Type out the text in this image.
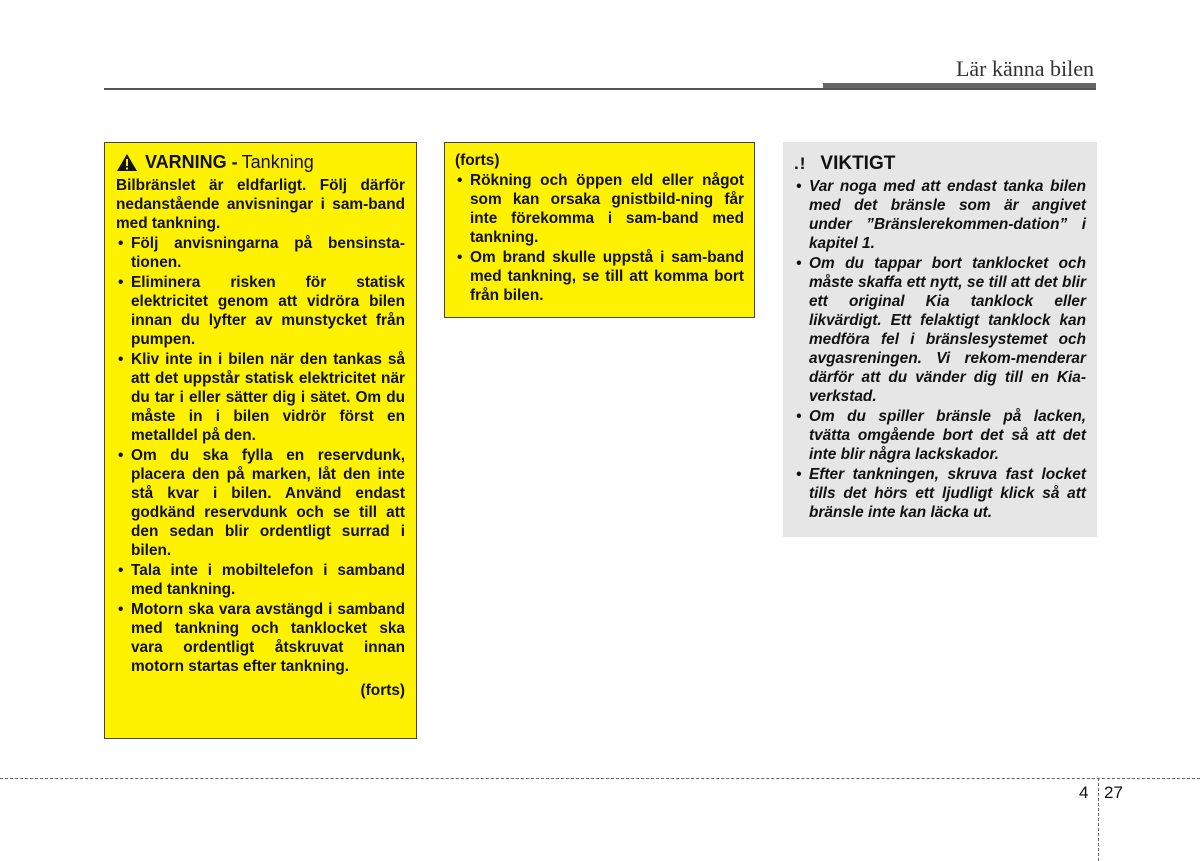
Lär känna bilen
VARNING - Tankning
Bilbränslet är eldfarligt. Följ därför nedanstående anvisningar i sam-band med tankning.
• Följ anvisningarna på bensinsta-tionen.
• Eliminera risken för statisk elektricitet genom att vidröra bilen innan du lyfter av munstycket från pumpen.
• Kliv inte in i bilen när den tankas så att det uppstår statisk elektricitet när du tar i eller sätter dig i sätet. Om du måste in i bilen vidrör först en metalldel på den.
• Om du ska fylla en reservdunk, placera den på marken, låt den inte stå kvar i bilen. Använd endast godkänd reservdunk och se till att den sedan blir ordentligt surrad i bilen.
• Tala inte i mobiltelefon i samband med tankning.
• Motorn ska vara avstängd i samband med tankning och tanklocket ska vara ordentligt åtskruvat innan motorn startas efter tankning.
(forts)
(forts)
• Rökning och öppen eld eller något som kan orsaka gnistbild-ning får inte förekomma i sam-band med tankning.
• Om brand skulle uppstå i sam-band med tankning, se till att komma bort från bilen.
.! VIKTIGT
• Var noga med att endast tanka bilen med det bränsle som är angivet under ”Bränslerekommen-dation” i kapitel 1.
• Om du tappar bort tanklocket och måste skaffa ett nytt, se till att det blir ett original Kia tanklock eller likvärdigt. Ett felaktigt tanklock kan medföra fel i bränslesystemet och avgasreningen. Vi rekom-menderar därför att du vänder dig till en Kia-verkstad.
• Om du spiller bränsle på lacken, tvätta omgående bort det så att det inte blir några lackskador.
• Efter tankningen, skruva fast locket tills det hörs ett ljudligt klick så att bränsle inte kan läcka ut.
4 27
